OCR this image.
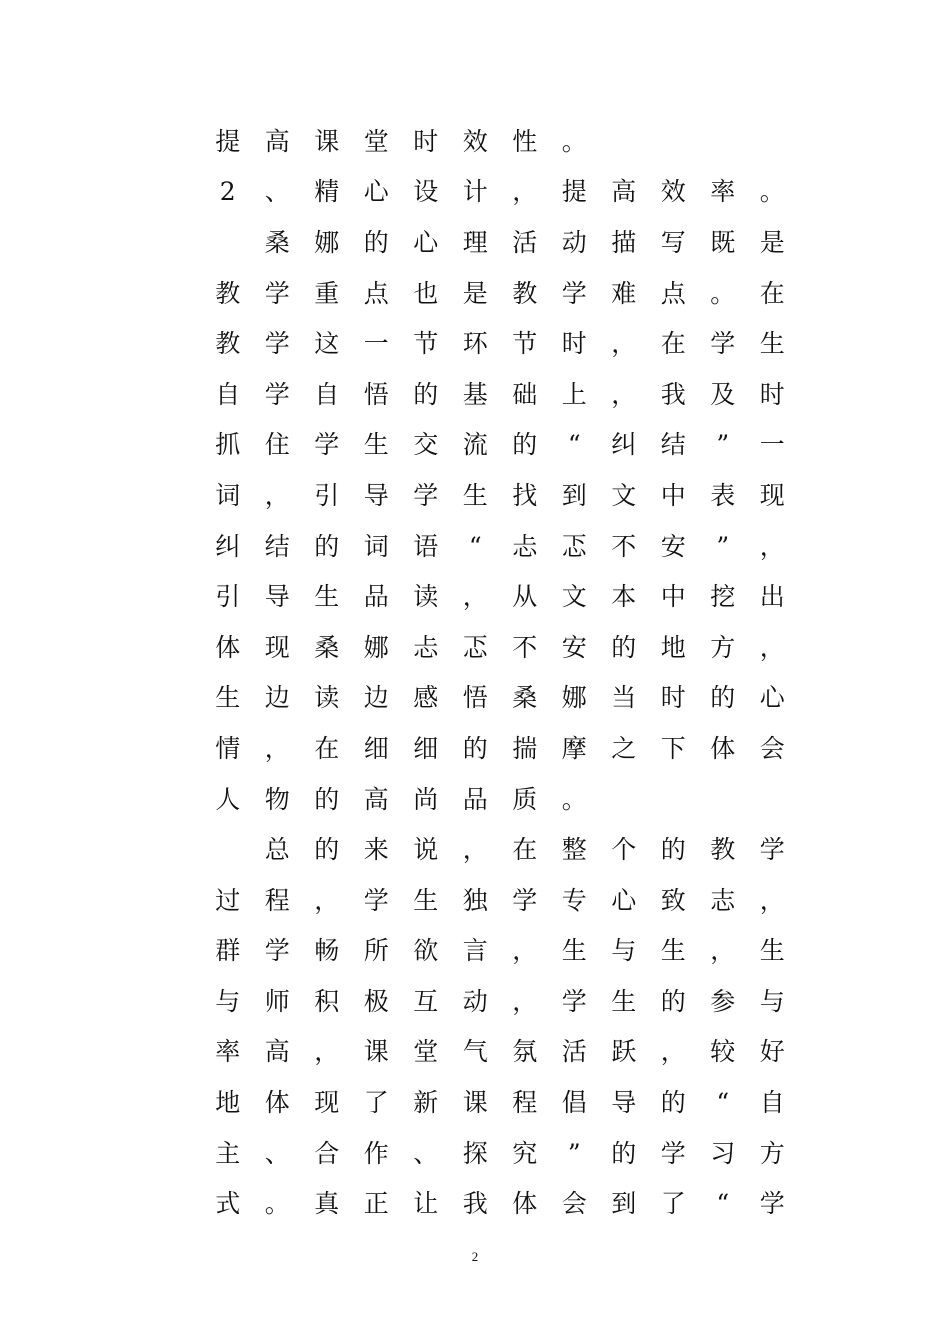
提 高 课 堂 时 效 性 。
2	、 精 心 设 计 ， 提 高 效 率 。

桑 娜 的 心 理 活 动 描 写 既 是
教 学 重 点 也 是 教 学 难 点 。 在
教 学 这 一 节 环 节 时 ， 在 学 生
自 学 自 悟 的 基 础 上 ， 我 及 时
抓 住 学 生 交 流 的	“	纠 结	”	一
词 ， 引 导 学 生 找 到 文 中 表 现
纠 结 的 词 语	“	忐 忑 不 安	”	，
引 导 生 品 读 ， 从 文 本 中 挖 出
体 现 桑 娜 忐 忑 不 安 的 地 方 ，
生 边 读 边 感 悟 桑 娜 当 时 的 心
情 ， 在 细 细 的 揣 摩 之 下 体 会
人 物 的 高 尚 品 质 。

总 的 来 说 ， 在 整 个 的 教 学
过 程 ， 学 生 独 学 专 心 致 志 ，
群 学 畅 所 欲 言 ， 生 与 生 ， 生
与 师 积 极 互 动 ， 学 生 的 参 与
率 高 ， 课 堂 气 氛 活 跃 ， 较 好
地 体 现 了 新 课 程 倡 导 的	“	自
主 、 合 作 、 探 究	”	的 学 习 方
式 。 真 正 让 我 体 会 到 了	“	学
2
